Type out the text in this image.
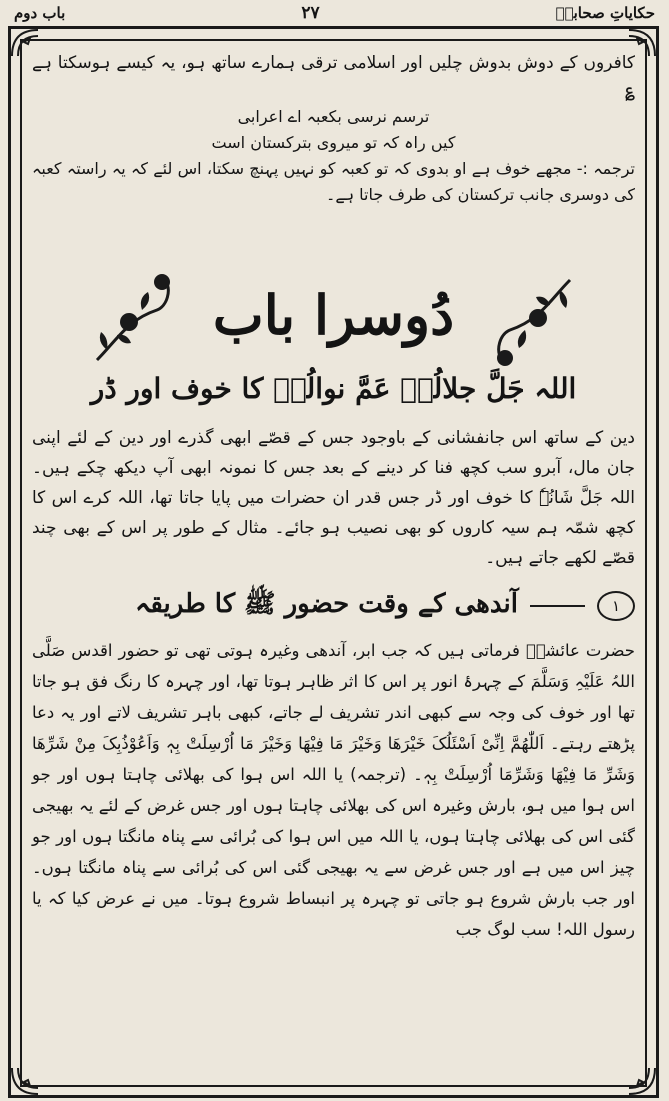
حکایاتِ صحابہؓ
۲۷
باب دوم

کافروں کے دوش بدوش چلیں اور اسلامی ترقی ہمارے ساتھ ہو، یہ کیسے ہوسکتا ہے ؏

ترسم نرسی بکعبہ اے اعرابی

کیں راہ کہ تو میروی بترکستان است

ترجمہ :- مجھے خوف ہے او بدوی کہ تو کعبہ کو نہیں پہنچ سکتا، اس لئے کہ یہ راستہ کعبہ کی دوسری جانب ترکستان کی طرف جاتا ہے۔

دُوسرا باب
اللہ جَلَّ جلالُہٗ عَمَّ نوالُہٗ کا خوف اور ڈر

دین کے ساتھ اس جانفشانی کے باوجود جس کے قصّے ابھی گذرے اور دین کے لئے اپنی جان مال، آبرو سب کچھ فنا کر دینے کے بعد جس کا نمونہ ابھی آپ دیکھ چکے ہیں۔ اللہ جَلَّ شَانُہٗ کا خوف اور ڈر جس قدر ان حضرات میں پایا جاتا تھا، اللہ کرے اس کا کچھ شمّہ ہم سیہ کاروں کو بھی نصیب ہو جائے۔ مثال کے طور پر اس کے بھی چند قصّے لکھے جاتے ہیں۔

۱
آندھی کے وقت حضور ﷺ کا طریقہ

حضرت عائشہؓ فرماتی ہیں کہ جب ابر، آندھی وغیرہ ہوتی تھی تو حضور اقدس صَلَّی اللہُ عَلَیْہِ وَسَلَّمَ کے چہرۂ انور پر اس کا اثر ظاہر ہوتا تھا، اور چہرہ کا رنگ فق ہو جاتا تھا اور خوف کی وجہ سے کبھی اندر تشریف لے جاتے، کبھی باہر تشریف لاتے اور یہ دعا پڑھتے رہتے۔ اَللّٰھُمَّ اِنِّیْ اَسْئَلُکَ خَیْرَھَا وَخَیْرَ مَا فِیْھَا وَخَیْرَ مَا اُرْسِلَتْ بِہٖ وَاَعُوْذُبِکَ مِنْ شَرِّھَا وَشَرِّ مَا فِیْھَا وَشَرِّمَا اُرْسِلَتْ بِہٖ۔ (ترجمہ) یا اللہ اس ہوا کی بھلائی چاہتا ہوں اور جو اس ہوا میں ہو، بارش وغیرہ اس کی بھلائی چاہتا ہوں اور جس غرض کے لئے یہ بھیجی گئی اس کی بھلائی چاہتا ہوں، یا اللہ میں اس ہوا کی بُرائی سے پناہ مانگتا ہوں اور جو چیز اس میں ہے اور جس غرض سے یہ بھیجی گئی اس کی بُرائی سے پناہ مانگتا ہوں۔ اور جب بارش شروع ہو جاتی تو چہرہ پر انبساط شروع ہوتا۔ میں نے عرض کیا کہ یا رسول اللہ! سب لوگ جب
